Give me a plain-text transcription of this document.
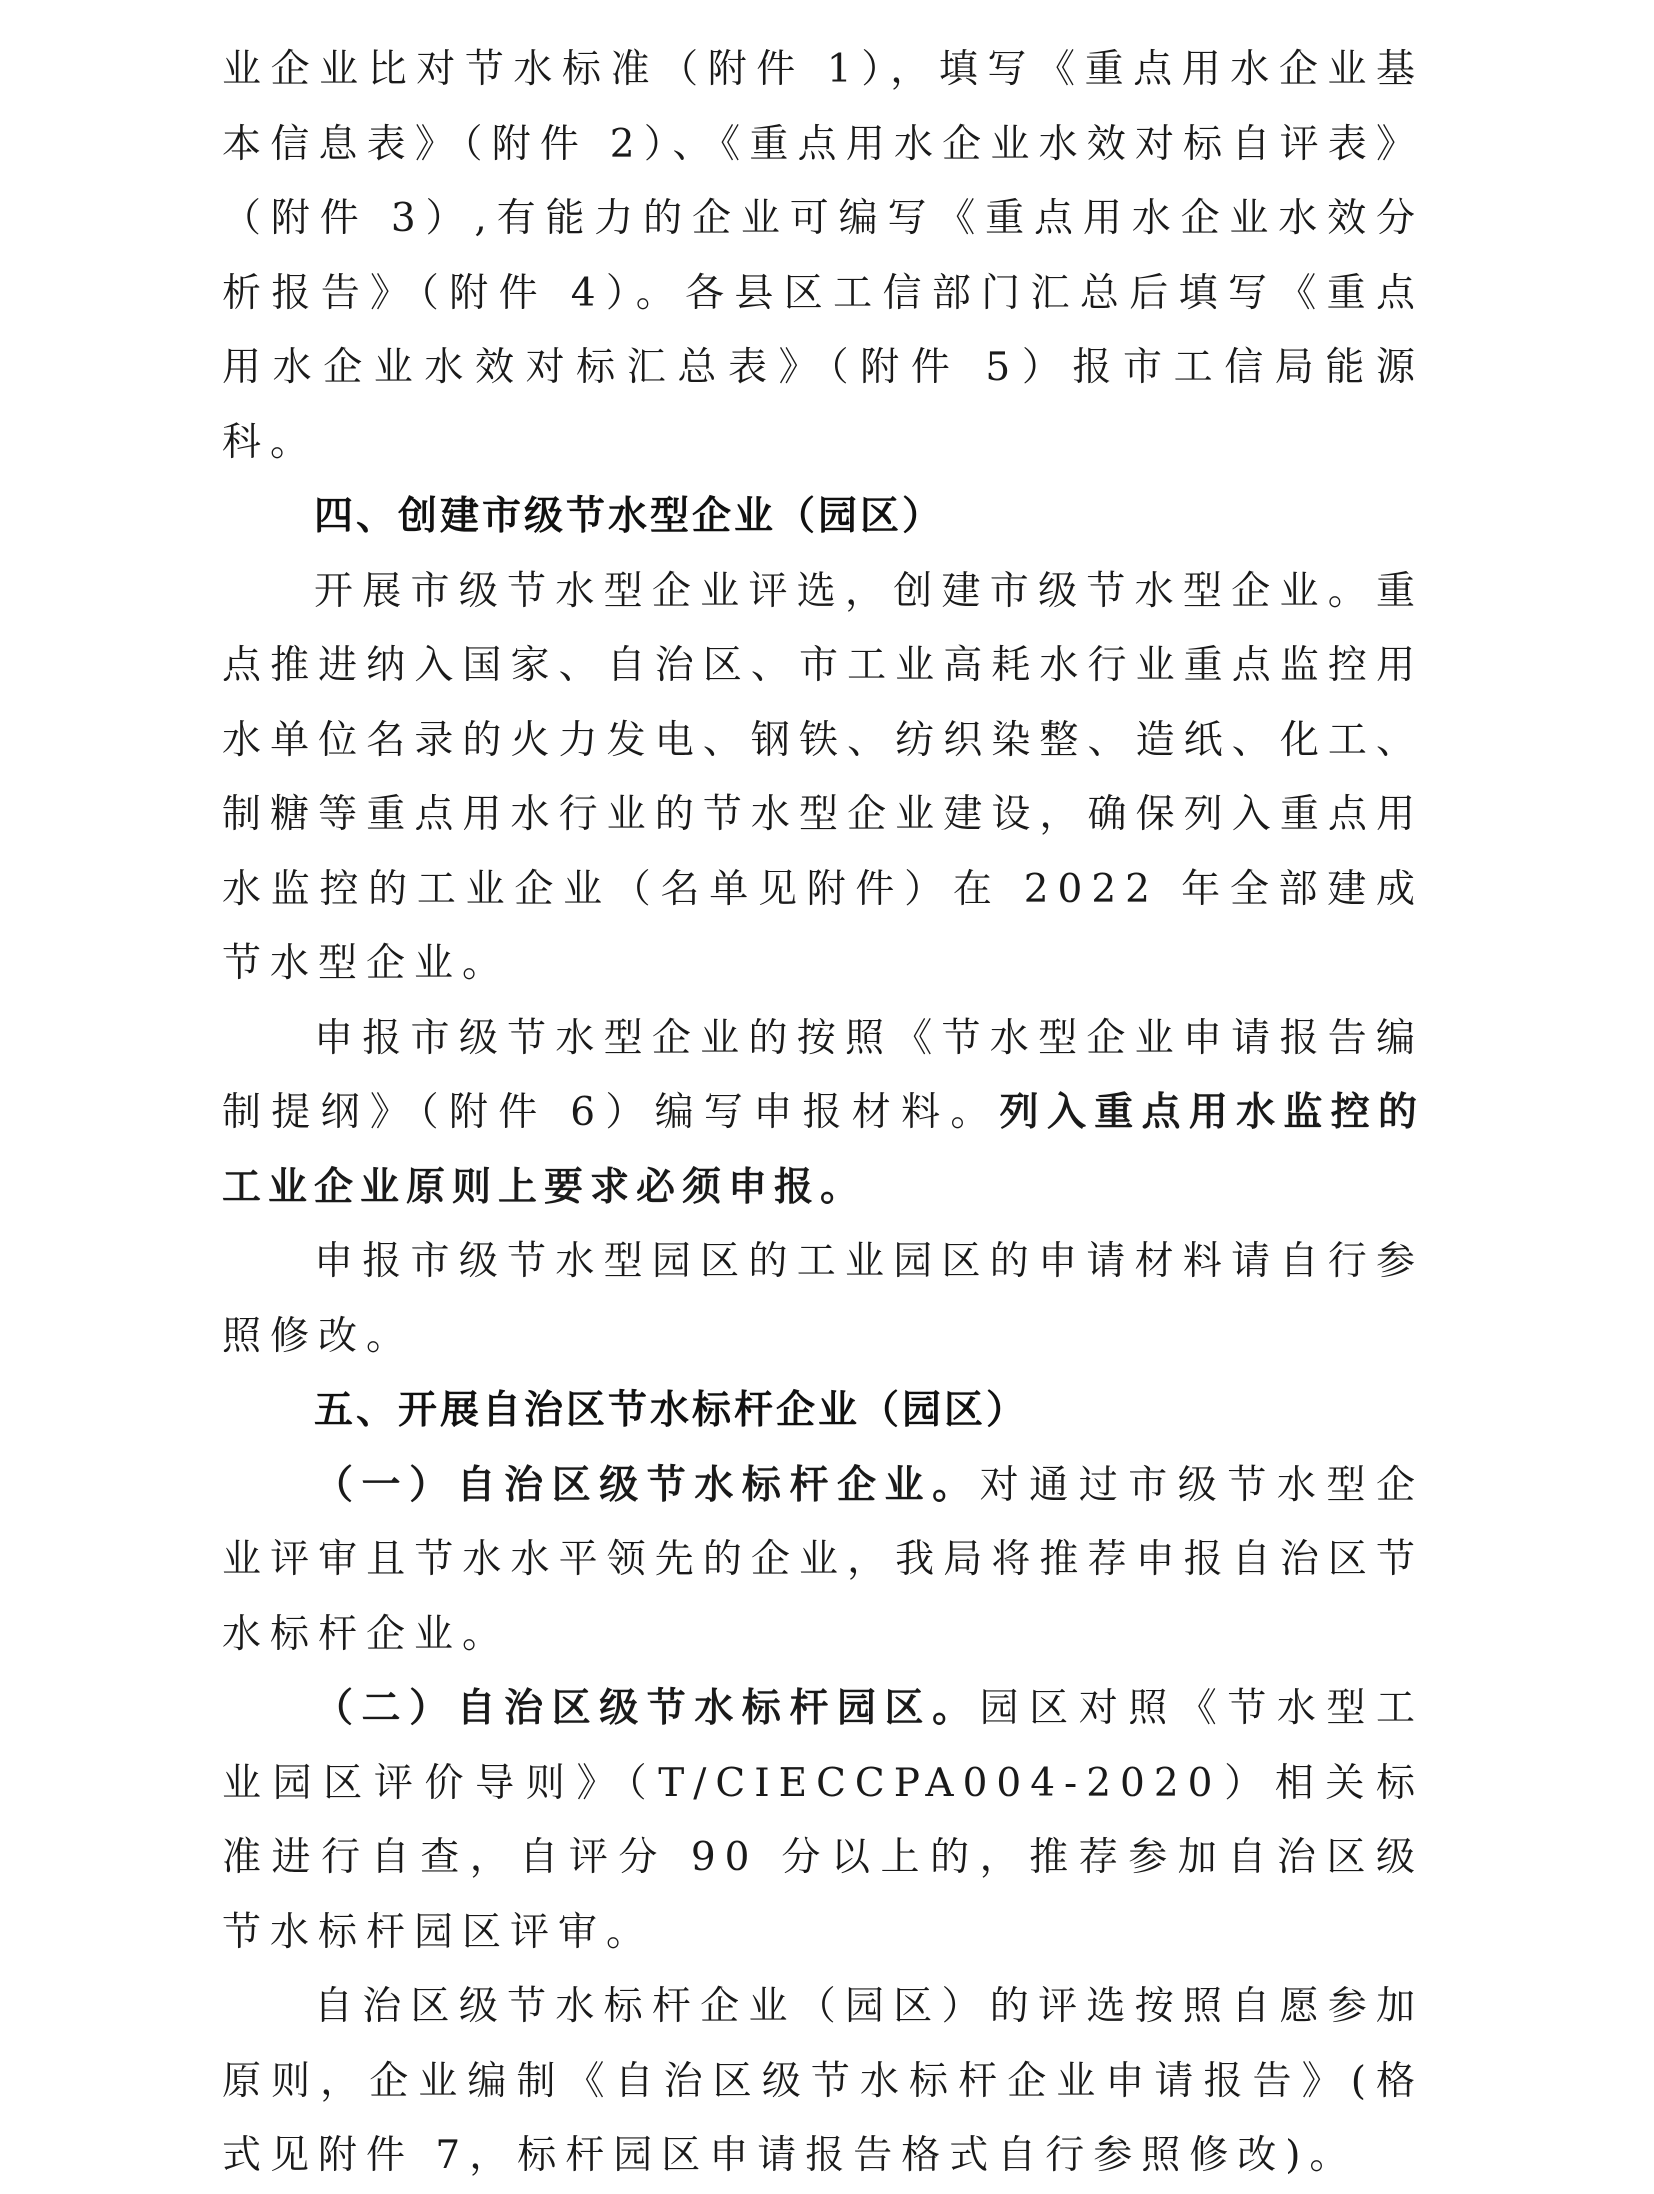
业企业比对节水标准（附件 1），填写《重点用水企业基本信息表》（附件 2）、《重点用水企业水效对标自评表》（附件 3）,有能力的企业可编写《重点用水企业水效分析报告》（附件 4）。各县区工信部门汇总后填写《重点用水企业水效对标汇总表》（附件 5）报市工信局能源科。

四、创建市级节水型企业（园区）

开展市级节水型企业评选，创建市级节水型企业。重点推进纳入国家、自治区、市工业高耗水行业重点监控用水单位名录的火力发电、钢铁、纺织染整、造纸、化工、制糖等重点用水行业的节水型企业建设，确保列入重点用水监控的工业企业（名单见附件）在 2022 年全部建成节水型企业。

申报市级节水型企业的按照《节水型企业申请报告编制提纲》（附件 6）编写申报材料。列入重点用水监控的工业企业原则上要求必须申报。

申报市级节水型园区的工业园区的申请材料请自行参照修改。

五、开展自治区节水标杆企业（园区）

（一）自治区级节水标杆企业。对通过市级节水型企业评审且节水水平领先的企业，我局将推荐申报自治区节水标杆企业。

（二）自治区级节水标杆园区。园区对照《节水型工业园区评价导则》（T/CIECCPA004-2020）相关标准进行自查，自评分 90 分以上的，推荐参加自治区级节水标杆园区评审。

自治区级节水标杆企业（园区）的评选按照自愿参加原则，企业编制《自治区级节水标杆企业申请报告》(格式见附件 7，标杆园区申请报告格式自行参照修改)。
